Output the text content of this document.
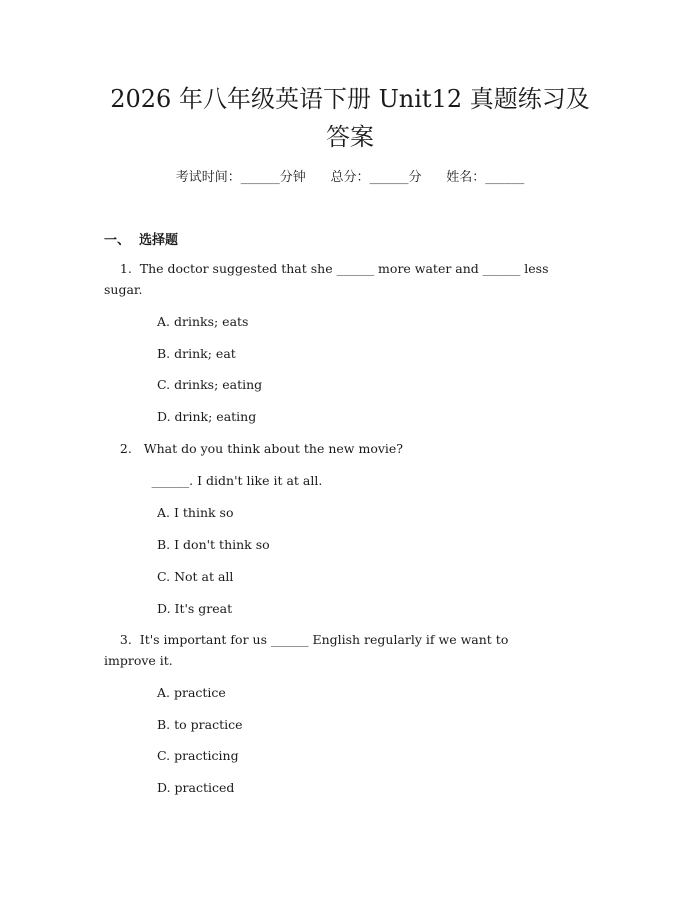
2026 年八年级英语下册 Unit12 真题练习及
答案
考试时间：______分钟      总分：______分      姓名：______
一、  选择题
1.  The doctor suggested that she ______ more water and ______ less
sugar.
A. drinks; eats
B. drink; eat
C. drinks; eating
D. drink; eating
2.   What do you think about the new movie?
______. I didn't like it at all.
A. I think so
B. I don't think so
C. Not at all
D. It's great
3.  It's important for us ______ English regularly if we want to
improve it.
A. practice
B. to practice
C. practicing
D. practiced
